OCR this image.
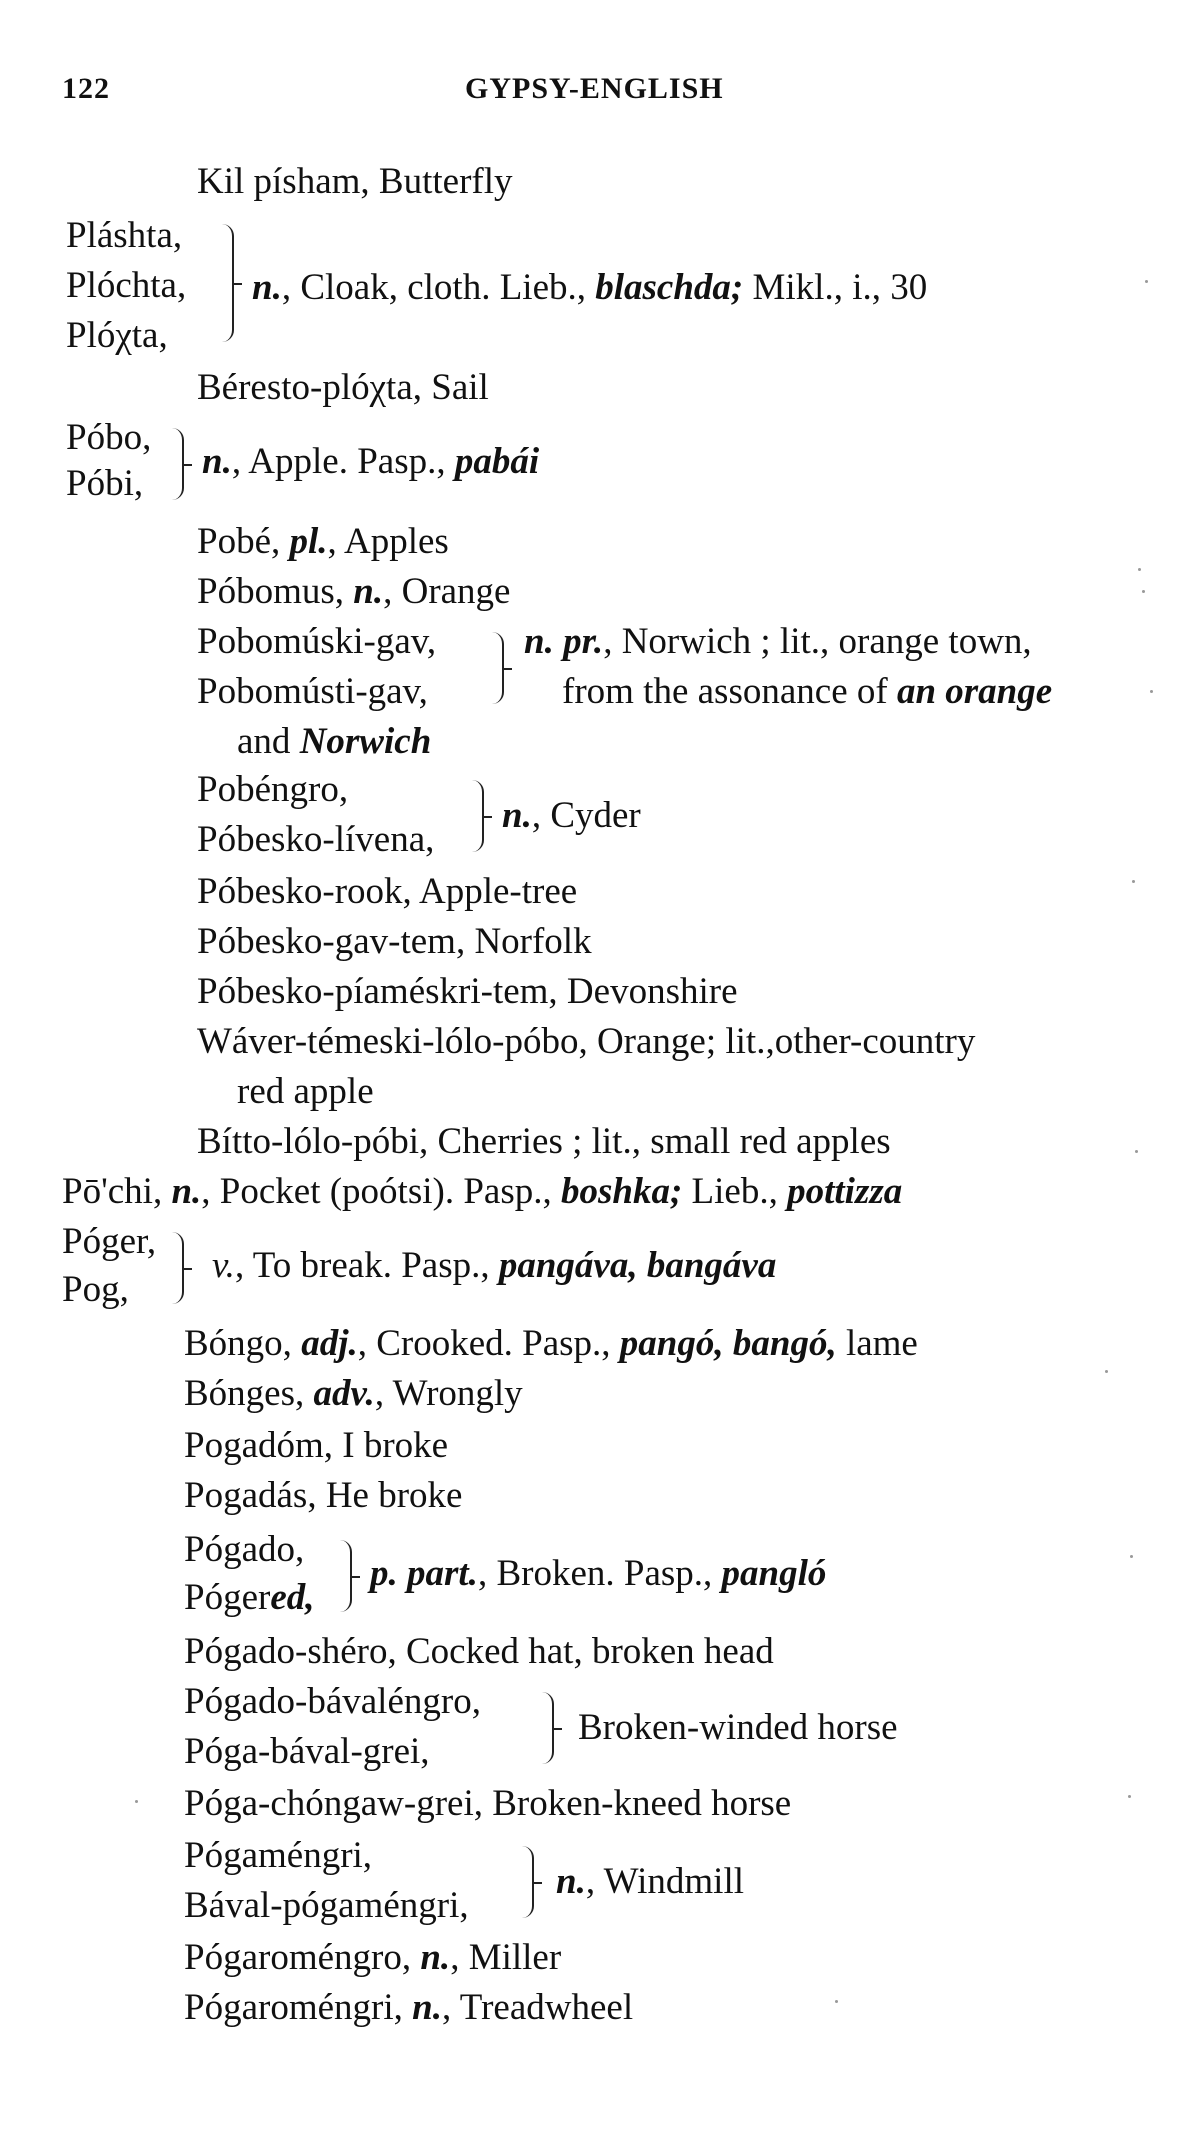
122	GYPSY-ENGLISH
Kil písham, Butterfly
Pláshta,
Plóchta,
Plóχta,
n., Cloak, cloth. Lieb., blaschda; Mikl., i., 30
Béresto-plóχta, Sail
Póbo,
Póbi,
n., Apple. Pasp., pabái
Pobé, pl., Apples
Póbomus, n., Orange
Pobomúski-gav,
Pobomústi-gav,
n. pr., Norwich ; lit., orange town,
from the assonance of an orange
and Norwich
Pobéngro,
Póbesko-lívena,
n., Cyder
Póbesko-rook, Apple-tree
Póbesko-gav-tem, Norfolk
Póbesko-píaméskri-tem, Devonshire
Wáver-témeski-lólo-póbo, Orange; lit.,other-country
red apple
Bítto-lólo-póbi, Cherries ; lit., small red apples
Pō'chi, n., Pocket (poótsi). Pasp., boshka; Lieb., pottizza
Póger,
Pog,
v., To break. Pasp., pangáva, bangáva
Bóngo, adj., Crooked. Pasp., pangó, bangó, lame
Bónges, adv., Wrongly
Pogadóm, I broke
Pogadás, He broke
Pógado,
Pógered,
p. part., Broken. Pasp., pangló
Pógado-shéro, Cocked hat, broken head
Pógado-bávaléngro,
Póga-bával-grei,
Broken-winded horse
Póga-chóngaw-grei, Broken-kneed horse
Pógaméngri,
Bával-pógaméngri,
n., Windmill
Pógaroméngro, n., Miller
Pógaroméngri, n., Treadwheel
